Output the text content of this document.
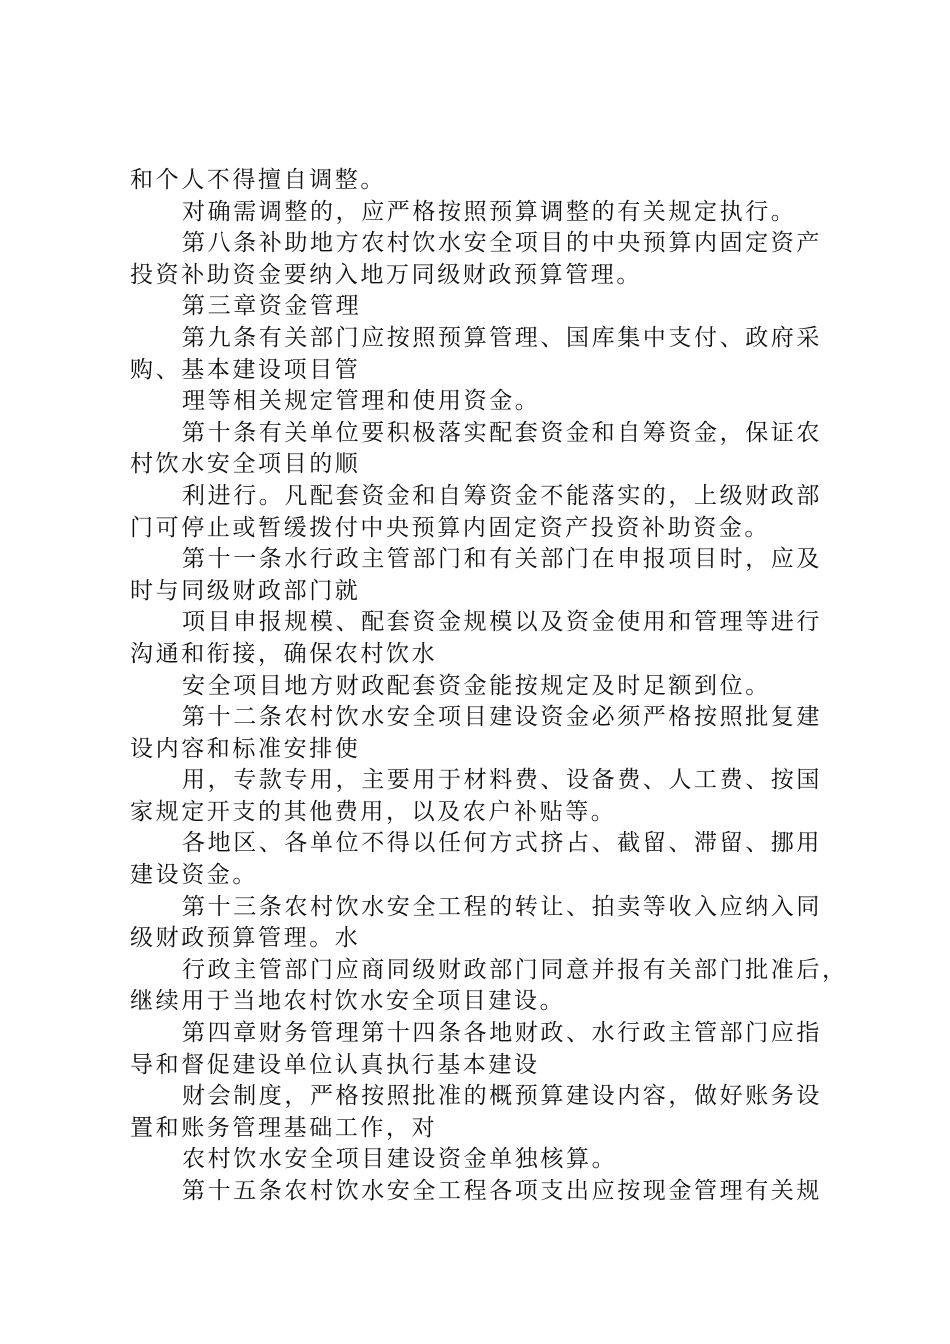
和个人不得擅自调整。

对确需调整的，应严格按照预算调整的有关规定执行。

第八条补助地方农村饮水安全项目的中央预算内固定资产

投资补助资金要纳入地万同级财政预算管理。

第三章资金管理

第九条有关部门应按照预算管理、国库集中支付、政府采

购、基本建设项目管

理等相关规定管理和使用资金。

第十条有关单位要积极落实配套资金和自筹资金，保证农

村饮水安全项目的顺

利进行。凡配套资金和自筹资金不能落实的，上级财政部

门可停止或暂缓拨付中央预算内固定资产投资补助资金。

第十一条水行政主管部门和有关部门在申报项目时，应及

时与同级财政部门就

项目申报规模、配套资金规模以及资金使用和管理等进行

沟通和衔接，确保农村饮水

安全项目地方财政配套资金能按规定及时足额到位。

第十二条农村饮水安全项目建设资金必须严格按照批复建

设内容和标准安排使

用，专款专用，主要用于材料费、设备费、人工费、按国

家规定开支的其他费用，以及农户补贴等。

各地区、各单位不得以任何方式挤占、截留、滞留、挪用

建设资金。

第十三条农村饮水安全工程的转让、拍卖等收入应纳入同

级财政预算管理。水

行政主管部门应商同级财政部门同意并报有关部门批准后，

继续用于当地农村饮水安全项目建设。

第四章财务管理第十四条各地财政、水行政主管部门应指

导和督促建设单位认真执行基本建设

财会制度，严格按照批准的概预算建设内容，做好账务设

置和账务管理基础工作，对

农村饮水安全项目建设资金单独核算。

第十五条农村饮水安全工程各项支出应按现金管理有关规
